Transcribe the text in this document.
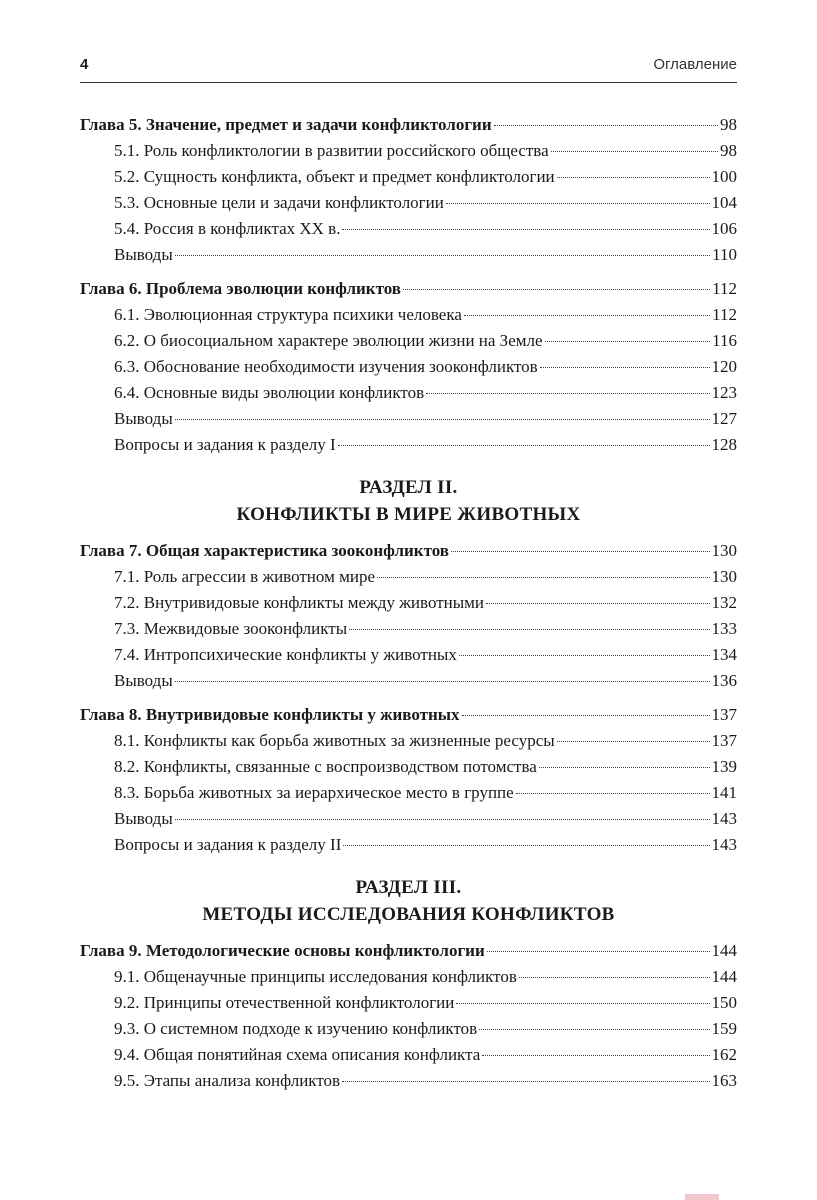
4	Оглавление
Глава 5. Значение, предмет и задачи конфликтологии	98
5.1. Роль конфликтологии в развитии российского общества	98
5.2. Сущность конфликта, объект и предмет конфликтологии	100
5.3. Основные цели и задачи конфликтологии	104
5.4. Россия в конфликтах XX в.	106
Выводы	110
Глава 6. Проблема эволюции конфликтов	112
6.1. Эволюционная структура психики человека	112
6.2. О биосоциальном характере эволюции жизни на Земле	116
6.3. Обоснование необходимости изучения зооконфликтов	120
6.4. Основные виды эволюции конфликтов	123
Выводы	127
Вопросы и задания к разделу I	128
РАЗДЕЛ II.
КОНФЛИКТЫ В МИРЕ ЖИВОТНЫХ
Глава 7. Общая характеристика зооконфликтов	130
7.1. Роль агрессии в животном мире	130
7.2. Внутривидовые конфликты между животными	132
7.3. Межвидовые зооконфликты	133
7.4. Интропсихические конфликты у животных	134
Выводы	136
Глава 8. Внутривидовые конфликты у животных	137
8.1. Конфликты как борьба животных за жизненные ресурсы	137
8.2. Конфликты, связанные с воспроизводством потомства	139
8.3. Борьба животных за иерархическое место в группе	141
Выводы	143
Вопросы и задания к разделу II	143
РАЗДЕЛ III.
МЕТОДЫ ИССЛЕДОВАНИЯ КОНФЛИКТОВ
Глава 9. Методологические основы конфликтологии	144
9.1. Общенаучные принципы исследования конфликтов	144
9.2. Принципы отечественной конфликтологии	150
9.3. О системном подходе к изучению конфликтов	159
9.4. Общая понятийная схема описания конфликта	162
9.5. Этапы анализа конфликтов	163
